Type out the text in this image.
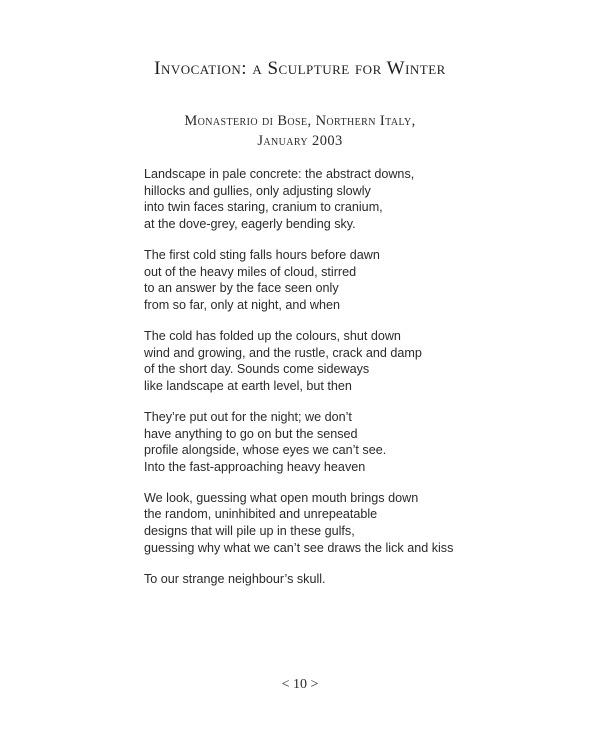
Invocation: a Sculpture for Winter
Monasterio di Bose, Northern Italy,
January 2003
Landscape in pale concrete: the abstract downs,
hillocks and gullies, only adjusting slowly
into twin faces staring, cranium to cranium,
at the dove-grey, eagerly bending sky.
The first cold sting falls hours before dawn
out of the heavy miles of cloud, stirred
to an answer by the face seen only
from so far, only at night, and when
The cold has folded up the colours, shut down
wind and growing, and the rustle, crack and damp
of the short day. Sounds come sideways
like landscape at earth level, but then
They’re put out for the night; we don’t
have anything to go on but the sensed
profile alongside, whose eyes we can’t see.
Into the fast-approaching heavy heaven
We look, guessing what open mouth brings down
the random, uninhibited and unrepeatable
designs that will pile up in these gulfs,
guessing why what we can’t see draws the lick and kiss
To our strange neighbour’s skull.
< 10 >
